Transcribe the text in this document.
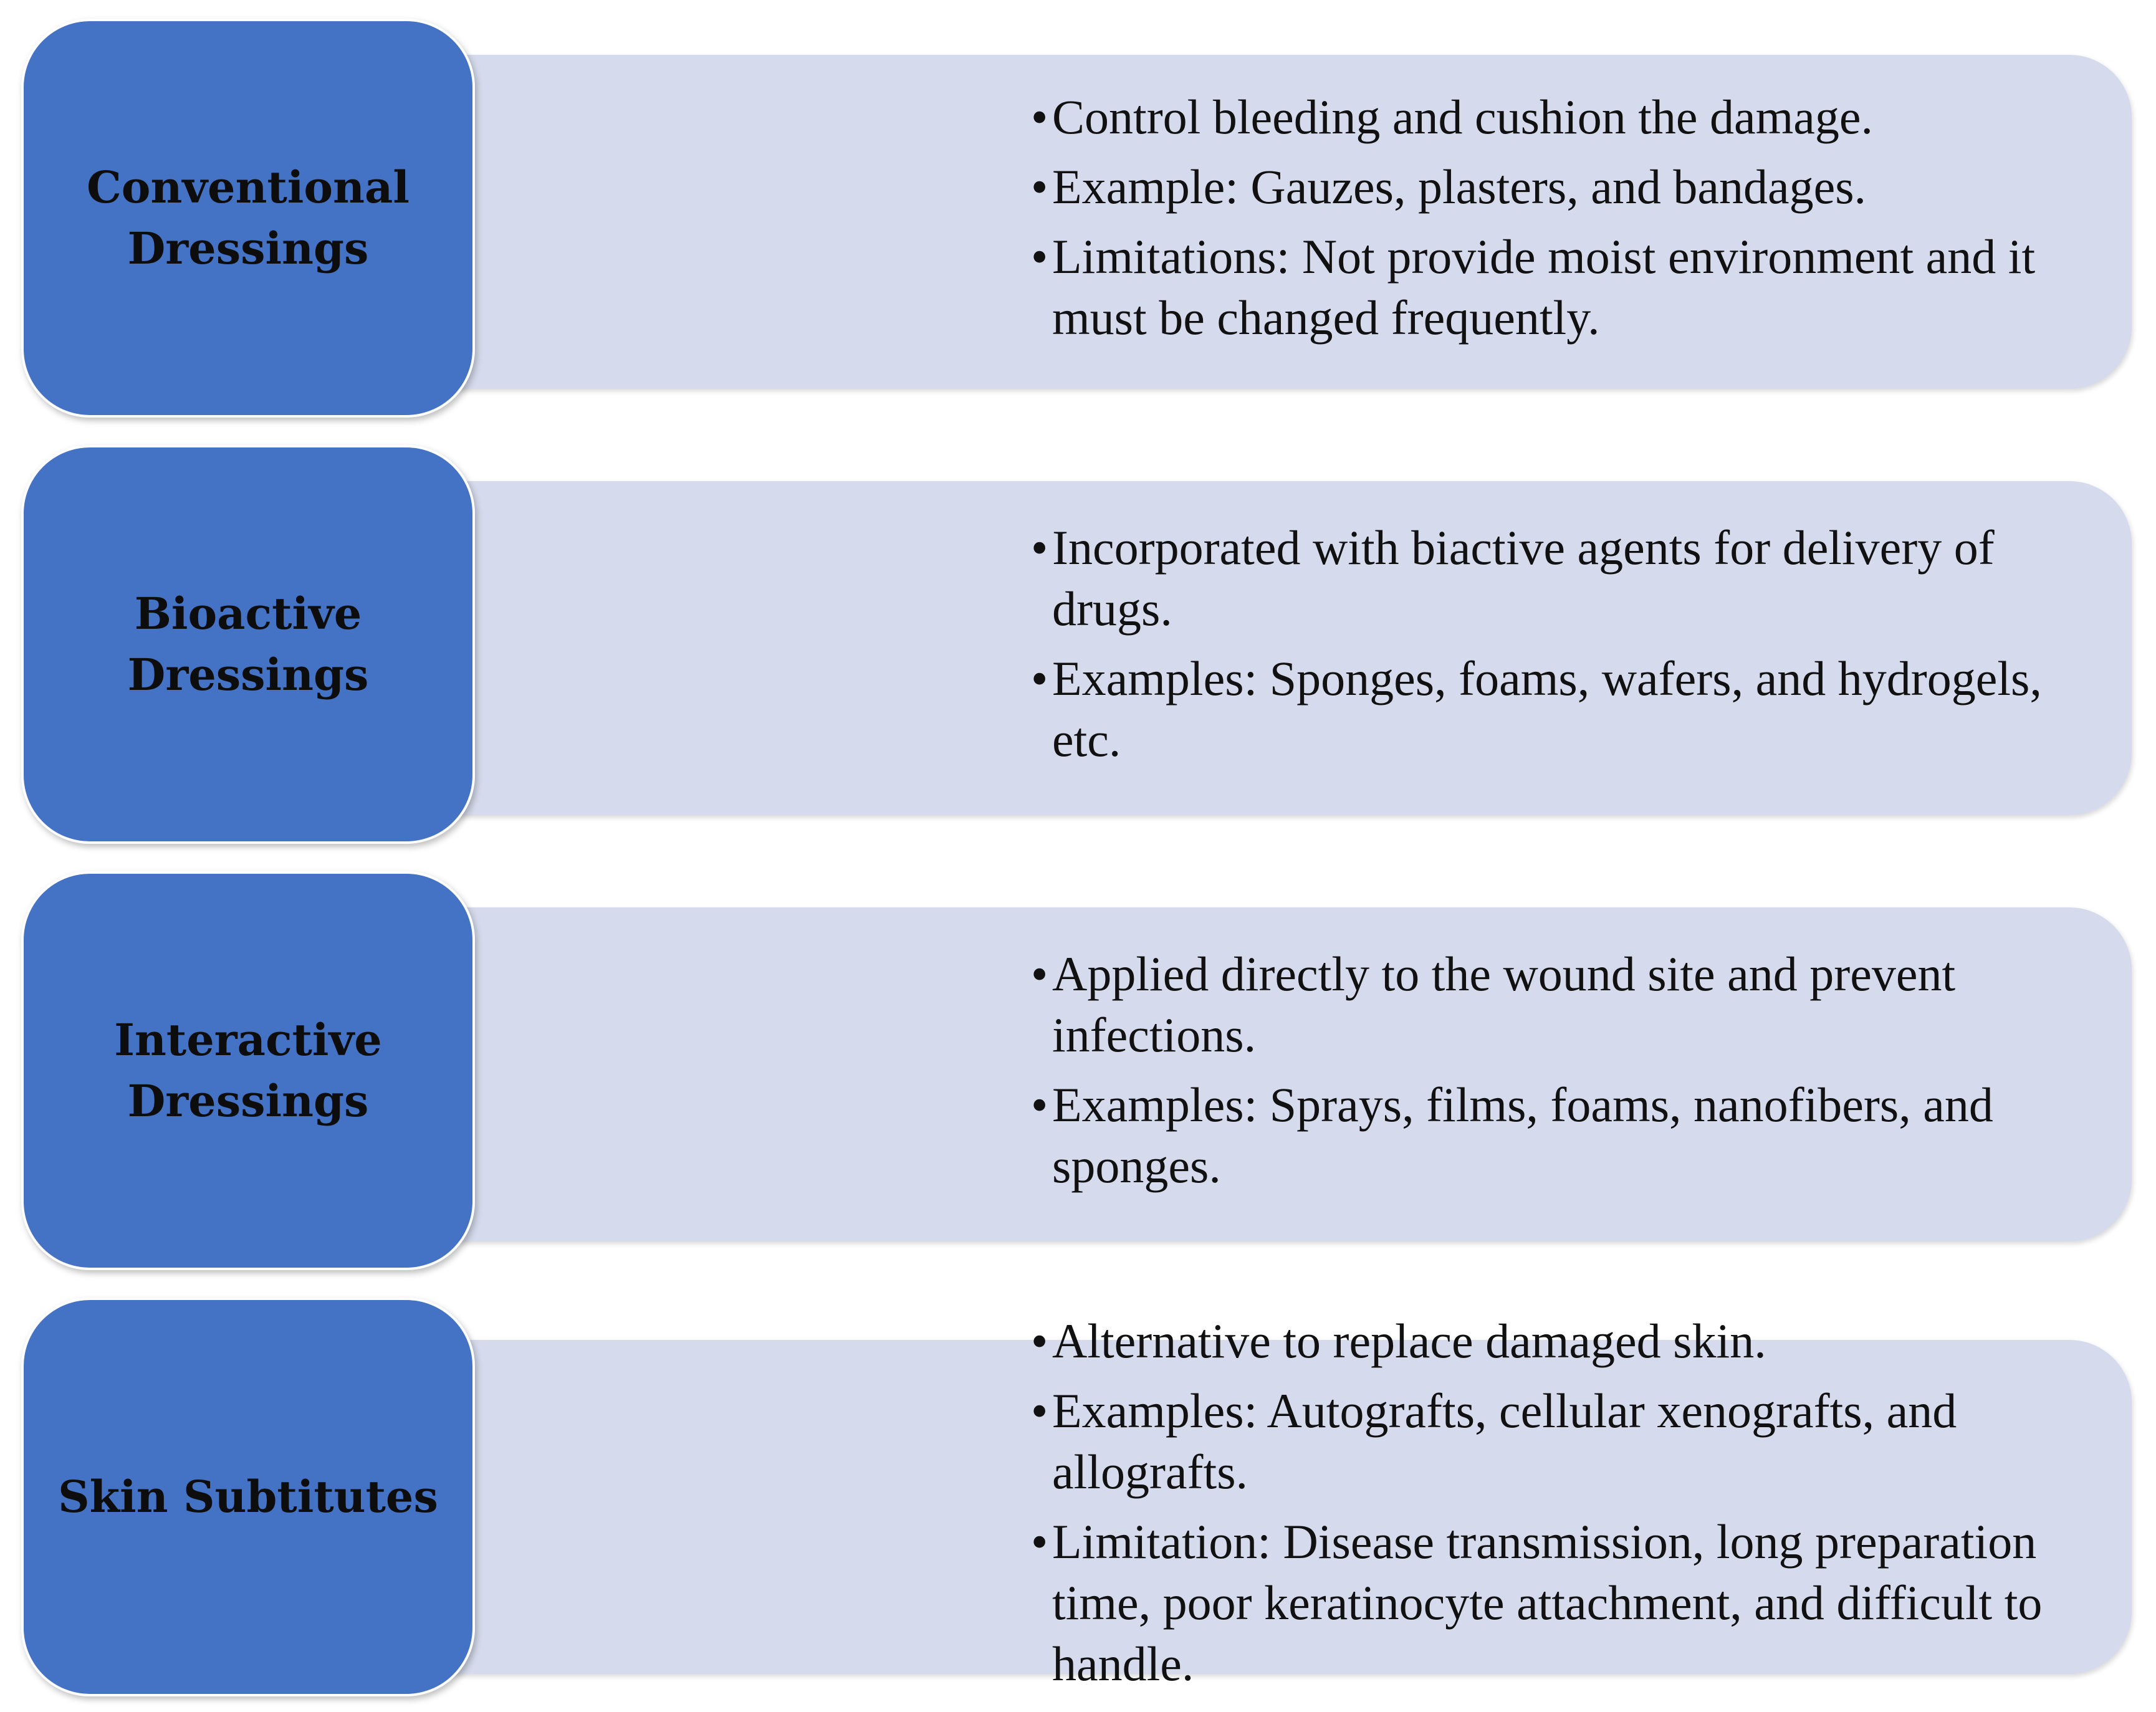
•Control bleeding and cushion the damage.
•Example: Gauzes, plasters, and bandages.
•Limitations: Not provide moist environment and it must be changed frequently.
Conventional
Dressings
•Incorporated with biactive agents for delivery of drugs.
•Examples: Sponges, foams, wafers, and hydrogels, etc.
Bioactive
Dressings
•Applied directly to the wound site and prevent infections.
•Examples: Sprays, films, foams, nanofibers, and sponges.
Interactive
Dressings
•Alternative to replace damaged skin.
•Examples: Autografts, cellular xenografts, and allografts.
•Limitation: Disease transmission, long preparation time, poor keratinocyte attachment, and difficult to handle.
Skin Subtitutes
